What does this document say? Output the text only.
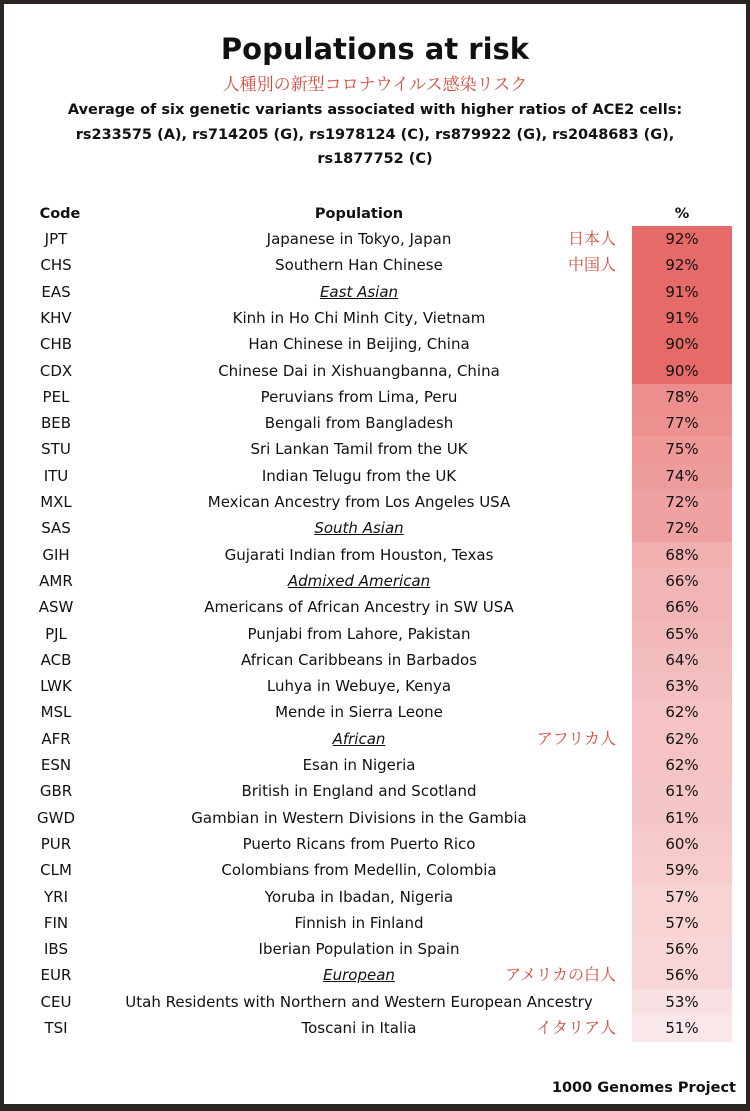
Populations at risk
人種別の新型コロナウイルス感染リスク
Average of six genetic variants associated with higher ratios of ACE2 cells:
rs233575 (A), rs714205 (G), rs1978124 (C), rs879922 (G), rs2048683 (G),
rs1877752 (C)
Code	Population	%
JPT	Japanese in Tokyo, Japan	日本人	92%
CHS	Southern Han Chinese	中国人	92%
EAS	East Asian	91%
KHV	Kinh in Ho Chi Minh City, Vietnam	91%
CHB	Han Chinese in Beijing, China	90%
CDX	Chinese Dai in Xishuangbanna, China	90%
PEL	Peruvians from Lima, Peru	78%
BEB	Bengali from Bangladesh	77%
STU	Sri Lankan Tamil from the UK	75%
ITU	Indian Telugu from the UK	74%
MXL	Mexican Ancestry from Los Angeles USA	72%
SAS	South Asian	72%
GIH	Gujarati Indian from Houston, Texas	68%
AMR	Admixed American	66%
ASW	Americans of African Ancestry in SW USA	66%
PJL	Punjabi from Lahore, Pakistan	65%
ACB	African Caribbeans in Barbados	64%
LWK	Luhya in Webuye, Kenya	63%
MSL	Mende in Sierra Leone	62%
AFR	African	アフリカ人	62%
ESN	Esan in Nigeria	62%
GBR	British in England and Scotland	61%
GWD	Gambian in Western Divisions in the Gambia	61%
PUR	Puerto Ricans from Puerto Rico	60%
CLM	Colombians from Medellin, Colombia	59%
YRI	Yoruba in Ibadan, Nigeria	57%
FIN	Finnish in Finland	57%
IBS	Iberian Population in Spain	56%
EUR	European	アメリカの白人	56%
CEU	Utah Residents with Northern and Western European Ancestry	53%
TSI	Toscani in Italia	イタリア人	51%
1000 Genomes Project
